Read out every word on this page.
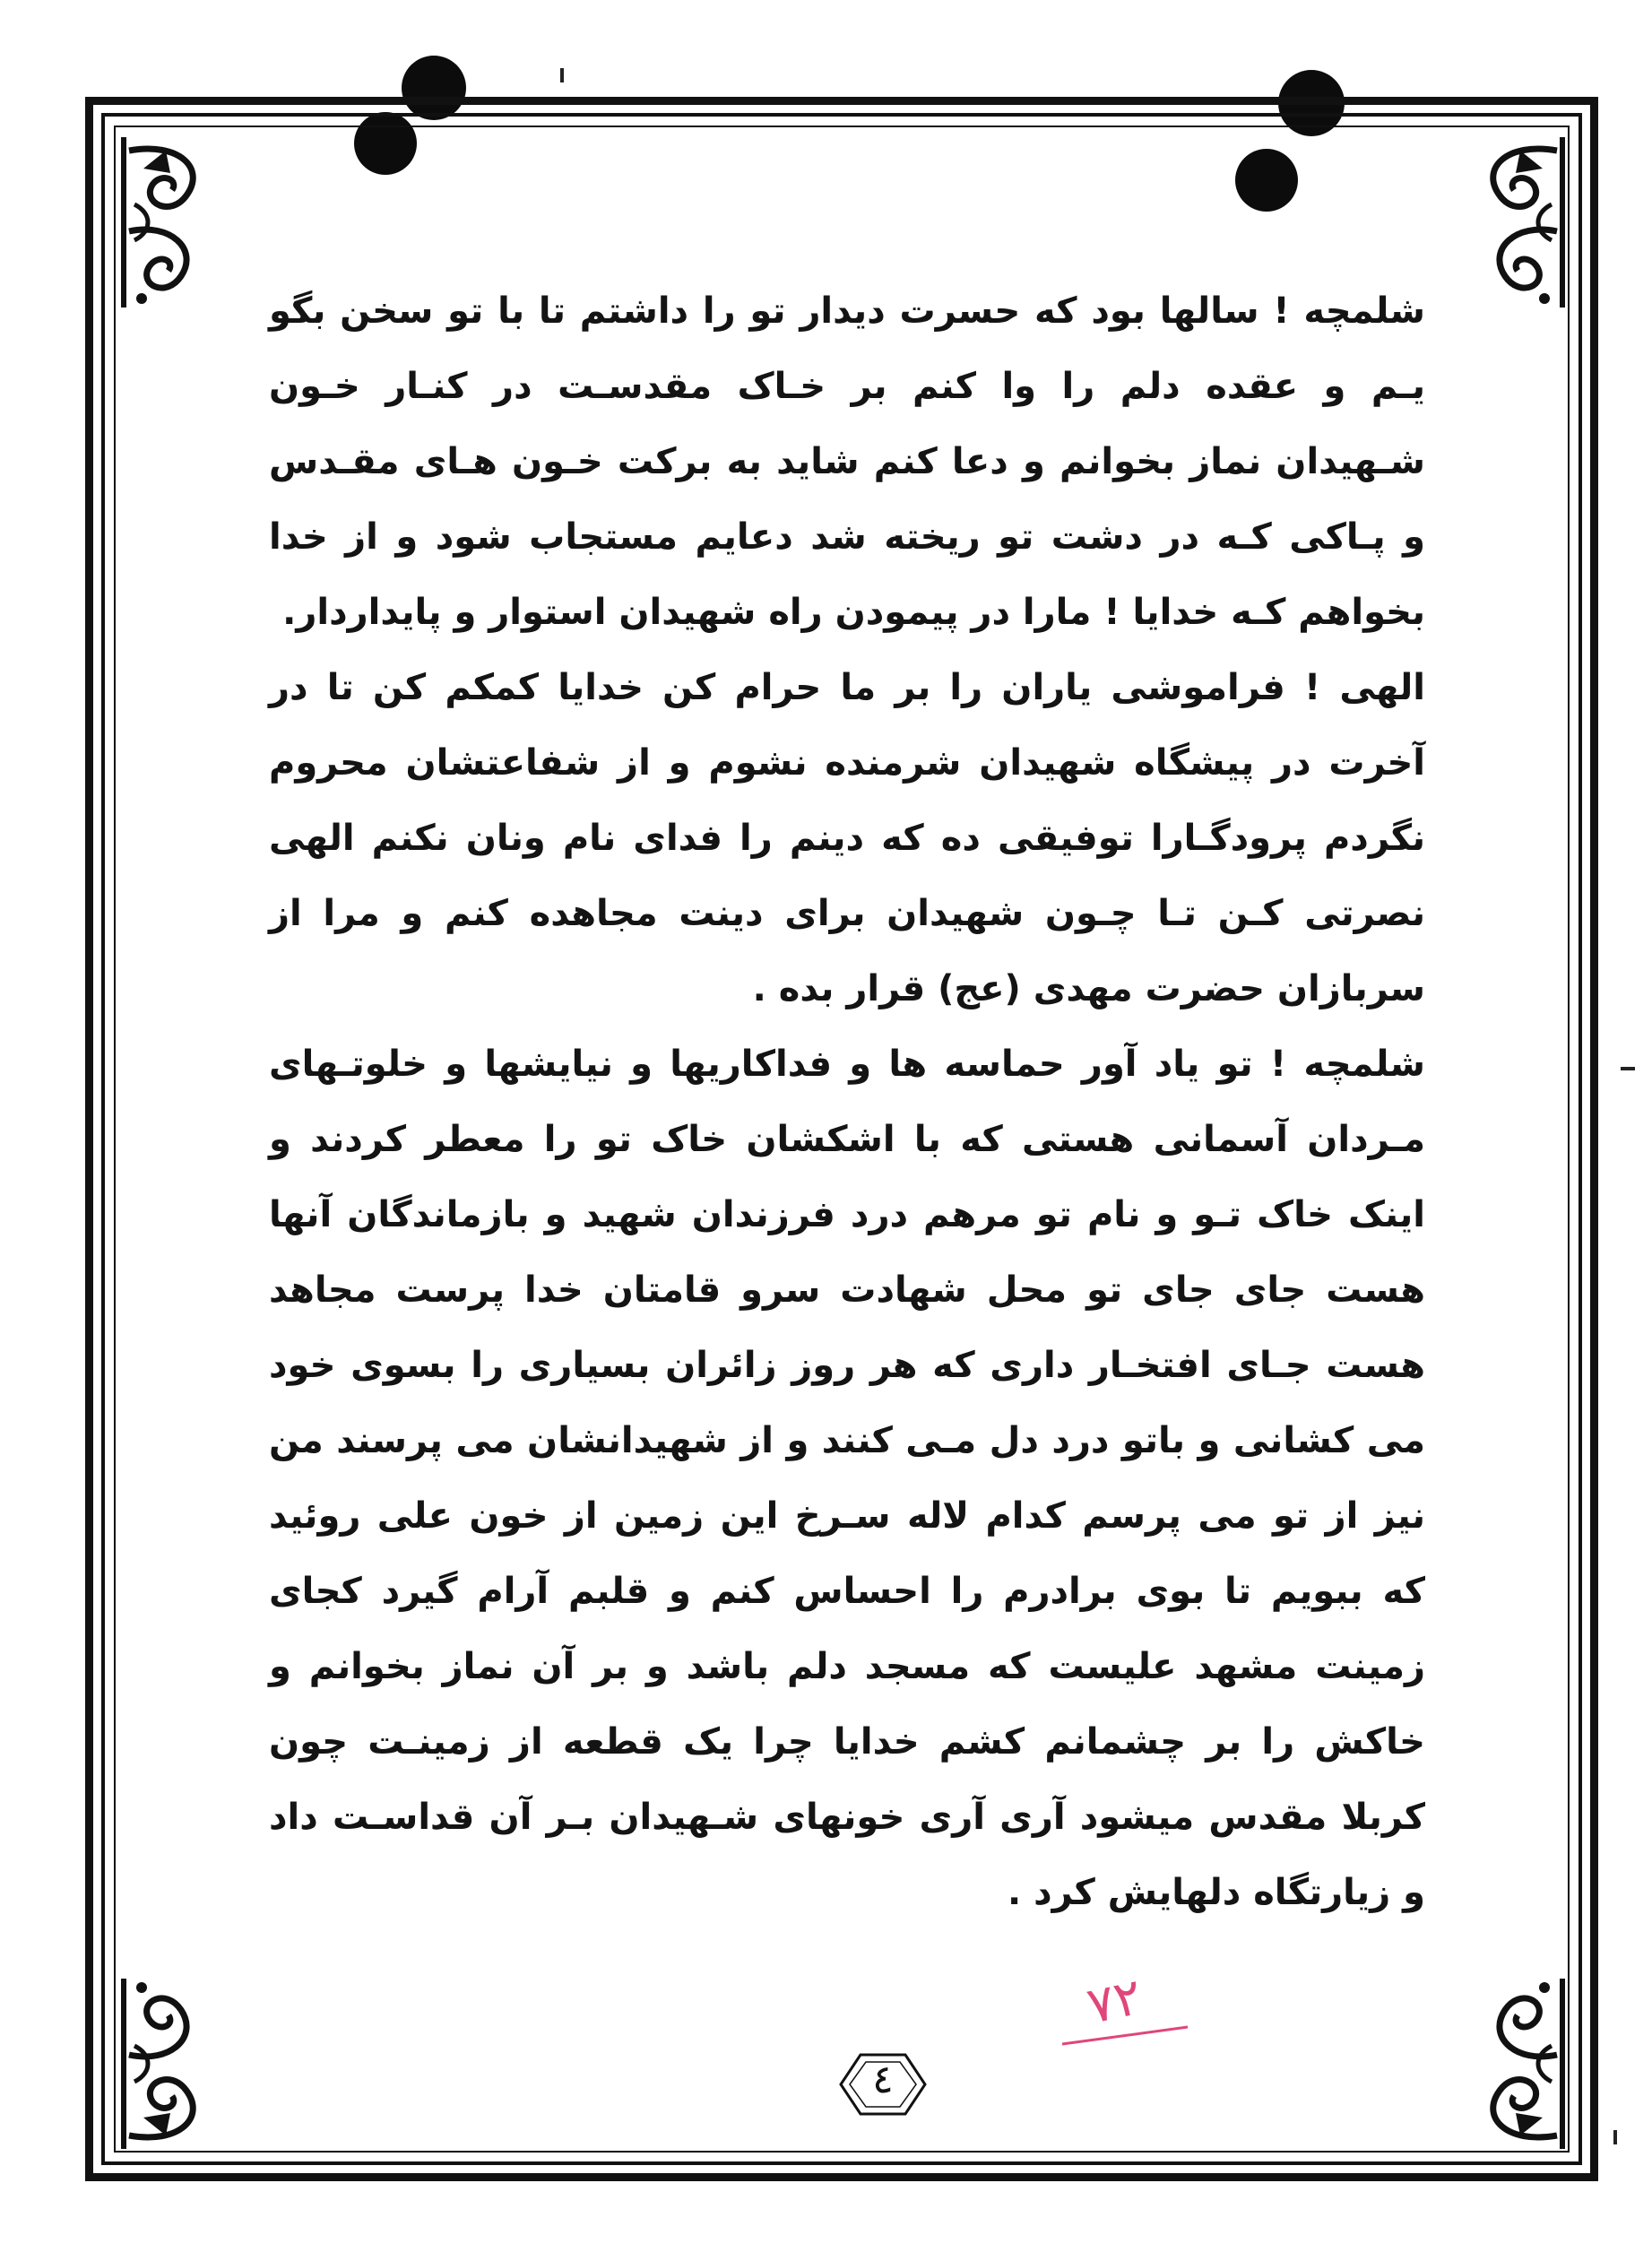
شلمچه ! سالها بود که حسرت دیدار تو را داشتم تا با تو سخن بگو یـم و عقده دلم را وا کنم بر خـاک مقدسـت در کنـار خـون شـهیدان نماز بخوانم و دعا کنم شاید به برکت خـون هـای مقـدس و پـاکی کـه در دشت تو ریخته شد دعایم مستجاب شود و از خدا بخواهم کـه خدایا ! مارا در پیمودن راه شهیدان استوار و پایداردار.

الهی ! فراموشی یاران را بر ما حرام کن خدایا کمکم کن تا در آخرت در پیشگاه شهیدان شرمنده نشوم و از شفاعتشان محروم نگردم پرودگـارا توفیقی ده که دینم را فدای نام ونان نکنم الهی نصرتی کـن تـا چـون شهیدان برای دینت مجاهده کنم و مرا از سربازان حضرت مهدی (عج) قرار بده .

شلمچه ! تو یاد آور حماسه ها و فداکاریها و نیایشها و خلوتـهای مـردان آسمانی هستی که با اشکشان خاک تو را معطر کردند و اینک خاک تـو و نام تو مرهم درد فرزندان شهید و بازماندگان آنها هست جای جای تو محل شهادت سرو قامتان خدا پرست مجاهد هست جـای افتخـار داری که هر روز زائران بسیاری را بسوی خود می کشانی و باتو درد دل مـی کنند و از شهیدانشان می پرسند من نیز از تو می پرسم کدام لاله سـرخ این زمین از خون علی روئید که ببویم تا بوی برادرم را احساس کنم و قلبم آرام گیرد کجای زمینت مشهد علیست که مسجد دلم باشد و بر آن نماز بخوانم و خاکش را بر چشمانم کشم خدایا چرا یک قطعه از زمینـت چون کربلا مقدس میشود آری آری خونهای شـهیدان بـر آن قداسـت داد و زیارتگاه دلهایش کرد .

۷۲
٤
